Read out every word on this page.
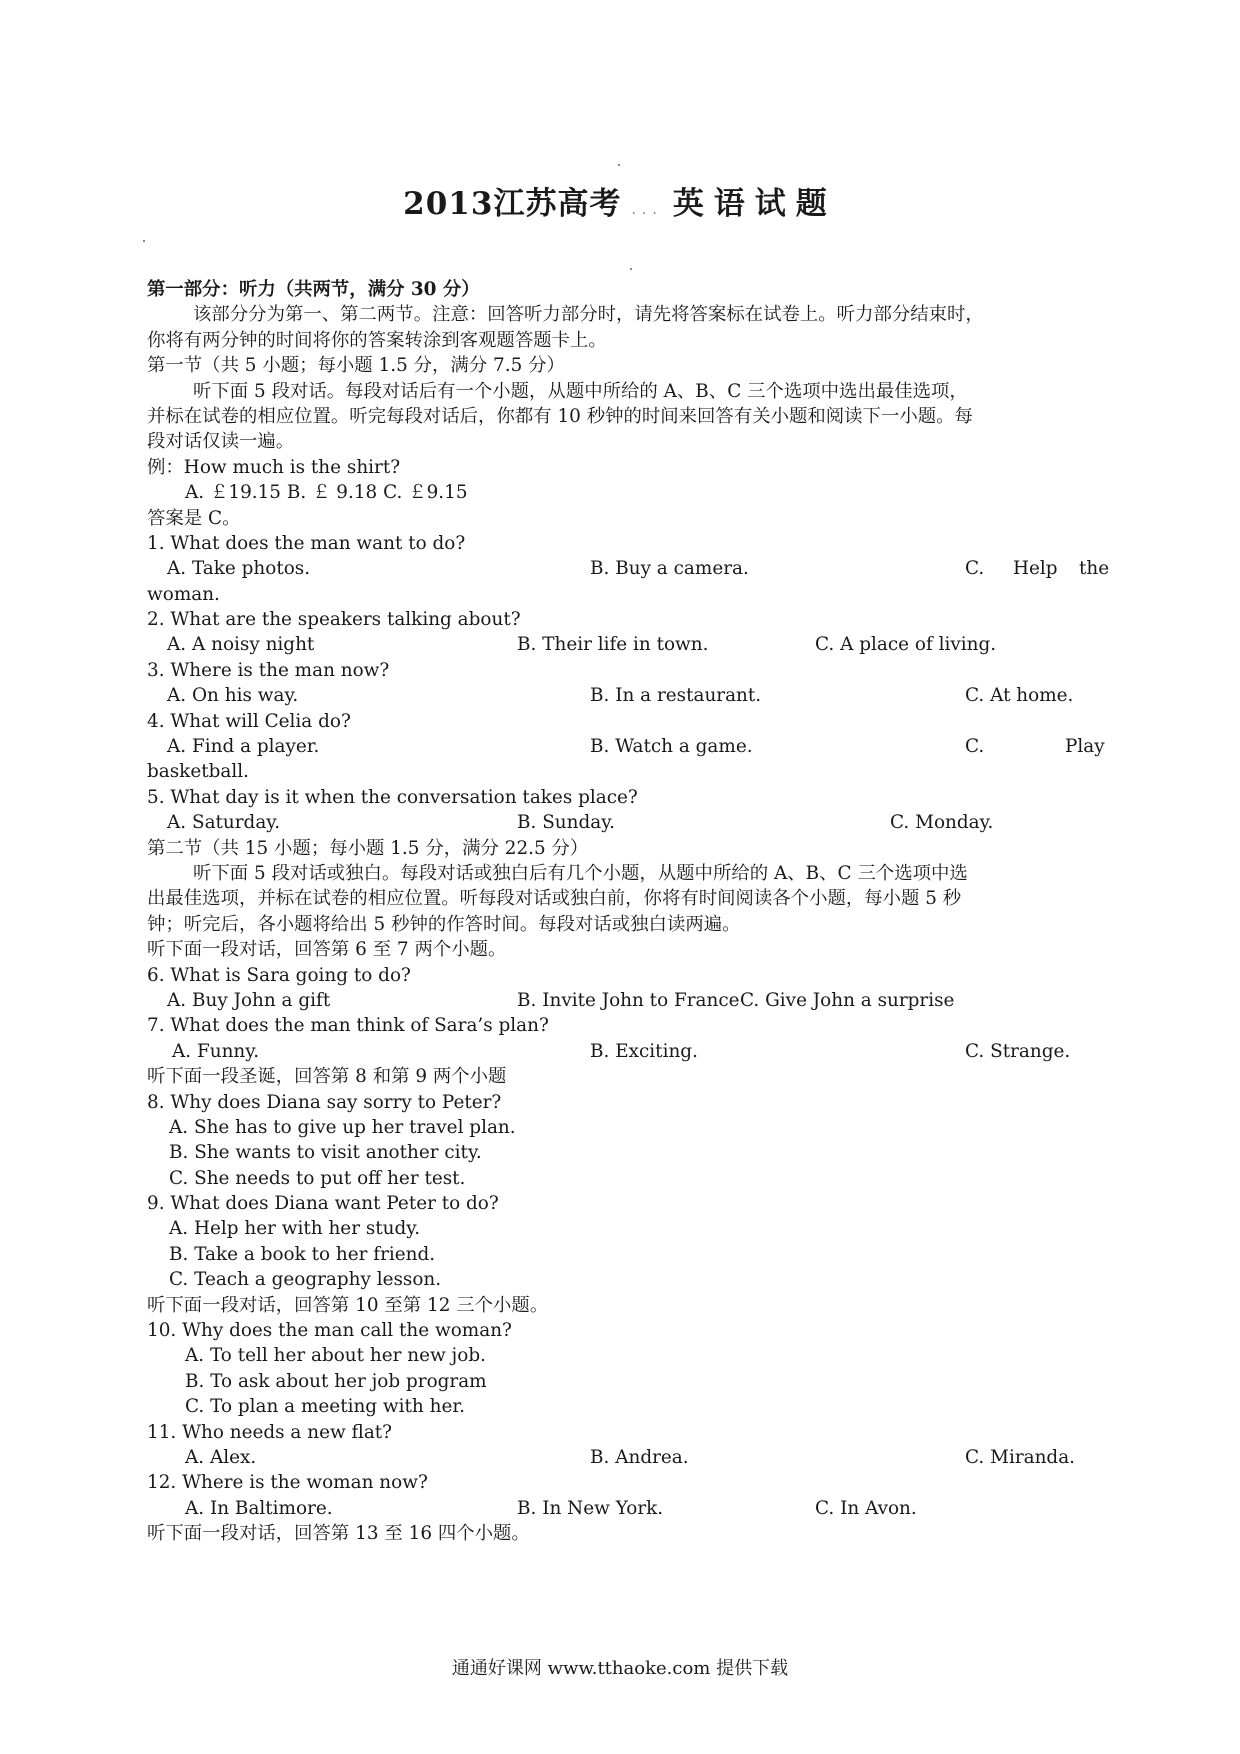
2013江苏高考 ... 英语试题
第一部分：听力（共两节，满分 30 分）
该部分分为第一、第二两节。注意：回答听力部分时，请先将答案标在试卷上。听力部分结束时，
你将有两分钟的时间将你的答案转涂到客观题答题卡上。
第一节（共 5 小题；每小题 1.5 分，满分 7.5 分）
听下面 5 段对话。每段对话后有一个小题，从题中所给的 A、B、C 三个选项中选出最佳选项，
并标在试卷的相应位置。听完每段对话后，你都有 10 秒钟的时间来回答有关小题和阅读下一小题。每
段对话仅读一遍。
例：How much is the shirt?
A. ￡19.15 B. ￡ 9.18 C. ￡9.15
答案是 C。
1. What does the man want to do?
A. Take photos.	B. Buy a camera.	C. Help the
woman.
2. What are the speakers talking about?
A. A noisy night	B. Their life in town.	C. A place of living.
3. Where is the man now?
A. On his way.	B. In a restaurant.	C. At home.
4. What will Celia do?
A. Find a player.	B. Watch a game.	C.	Play
basketball.
5. What day is it when the conversation takes place?
A. Saturday.	B. Sunday.	C. Monday.
第二节（共 15 小题；每小题 1.5 分，满分 22.5 分）
听下面 5 段对话或独白。每段对话或独白后有几个小题，从题中所给的 A、B、C 三个选项中选
出最佳选项，并标在试卷的相应位置。听每段对话或独白前，你将有时间阅读各个小题，每小题 5 秒
钟；听完后，各小题将给出 5 秒钟的作答时间。每段对话或独白读两遍。
听下面一段对话，回答第 6 至 7 两个小题。
6. What is Sara going to do?
A. Buy John a gift	B. Invite John to France C. Give John a surprise
7. What does the man think of Sara’s plan?
A. Funny.	B. Exciting.	C. Strange.
听下面一段圣诞，回答第 8 和第 9 两个小题
8. Why does Diana say sorry to Peter?
A. She has to give up her travel plan.
B. She wants to visit another city.
C. She needs to put off her test.
9. What does Diana want Peter to do?
A. Help her with her study.
B. Take a book to her friend.
C. Teach a geography lesson.
听下面一段对话，回答第 10 至第 12 三个小题。
10. Why does the man call the woman?
A. To tell her about her new job.
B. To ask about her job program
C. To plan a meeting with her.
11. Who needs a new flat?
A. Alex.	B. Andrea.	C. Miranda.
12. Where is the woman now?
A. In Baltimore.	B. In New York.	C. In Avon.
听下面一段对话，回答第 13 至 16 四个小题。
通通好课网 www.tthaoke.com 提供下载
